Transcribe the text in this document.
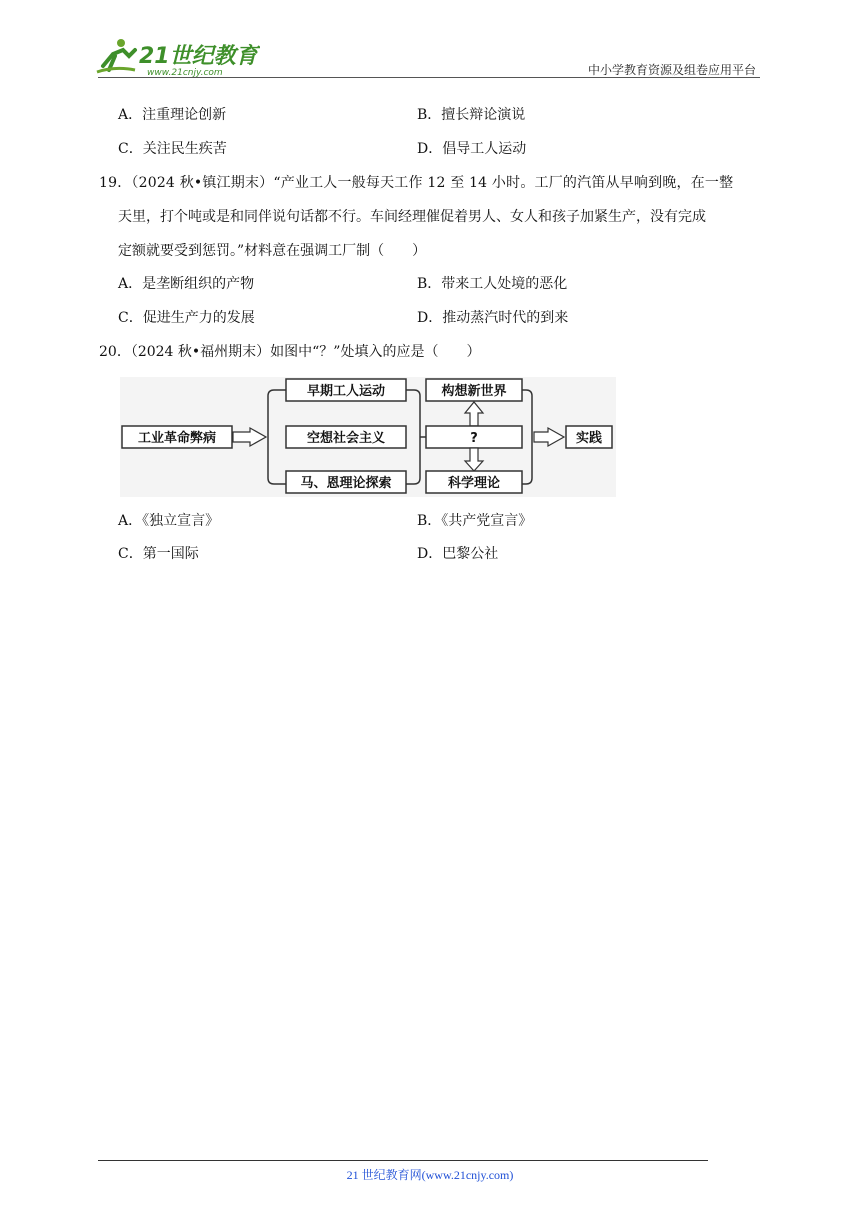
21世纪教育
www.21cnjy.com	中小学教育资源及组卷应用平台
A．注重理论创新	B．擅长辩论演说
C．关注民生疾苦	D．倡导工人运动
19．（2024 秋•镇江期末）“产业工人一般每天工作 12 至 14 小时。工厂的汽笛从早响到晚，在一整
天里，打个吨或是和同伴说句话都不行。车间经理催促着男人、女人和孩子加紧生产，没有完成
定额就要受到惩罚。”材料意在强调工厂制（　　）
A．是垄断组织的产物	B．带来工人处境的恶化
C．促进生产力的发展	D．推动蒸汽时代的到来
20．（2024 秋•福州期末）如图中“？”处填入的应是（　　）
工业革命弊病
早期工人运动
空想社会主义
马、恩理论探索
构想新世界
?
科学理论
实践
A．《独立宣言》	B．《共产党宣言》
C．第一国际	D．巴黎公社
21 世纪教育网(www.21cnjy.com)
